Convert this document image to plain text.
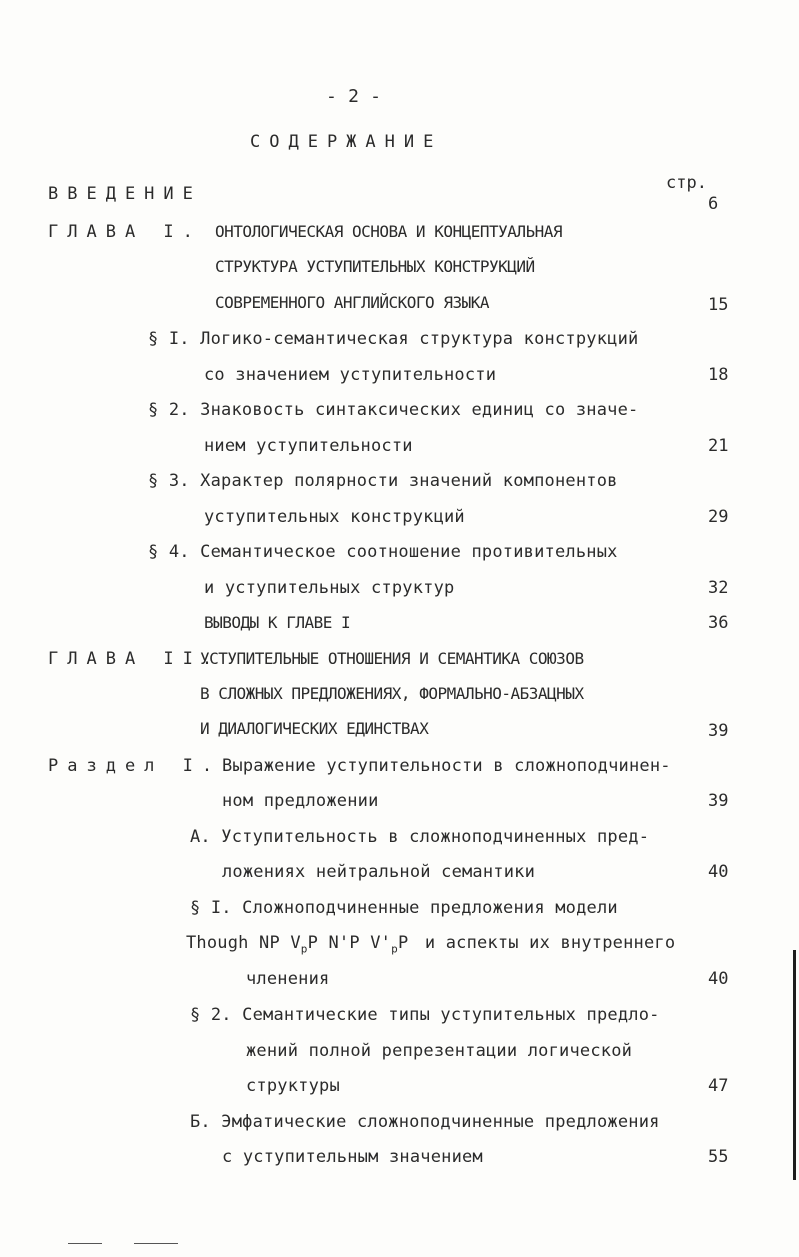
- 2 -
СОДЕРЖАНИЕ
стр.
ВВЕДЕНИЕ	6
ГЛАВА I. ОНТОЛОГИЧЕСКАЯ ОСНОВА И КОНЦЕПТУАЛЬНАЯ
СТРУКТУРА УСТУПИТЕЛЬНЫХ КОНСТРУКЦИЙ
СОВРЕМЕННОГО АНГЛИЙСКОГО ЯЗЫКА	15
§ I. Логико-семантическая структура конструкций
со значением уступительности	18
§ 2. Знаковость синтаксических единиц со значе-
нием уступительности	21
§ 3. Характер полярности значений компонентов
уступительных конструкций	29
§ 4. Семантическое соотношение противительных
и уступительных структур	32
ВЫВОДЫ К ГЛАВЕ I	36
ГЛАВА II.
УСТУПИТЕЛЬНЫЕ ОТНОШЕНИЯ И СЕМАНТИКА СОЮЗОВ
В СЛОЖНЫХ ПРЕДЛОЖЕНИЯХ, ФОРМАЛЬНО-АБЗАЦНЫХ
И ДИАЛОГИЧЕСКИХ ЕДИНСТВАХ	39
Раздел I. Выражение уступительности в сложноподчинен-
ном предложении	39
А. Уступительность в сложноподчиненных пред-
ложениях нейтральной семантики	40
§ I. Сложноподчиненные предложения модели
Though NP $V_pP$ N'P $V'_pP$ и аспекты их внутреннего
членения	40
§ 2. Семантические типы уступительных предло-
жений полной репрезентации логической
структуры	47
Б. Эмфатические сложноподчиненные предложения
с уступительным значением	55
